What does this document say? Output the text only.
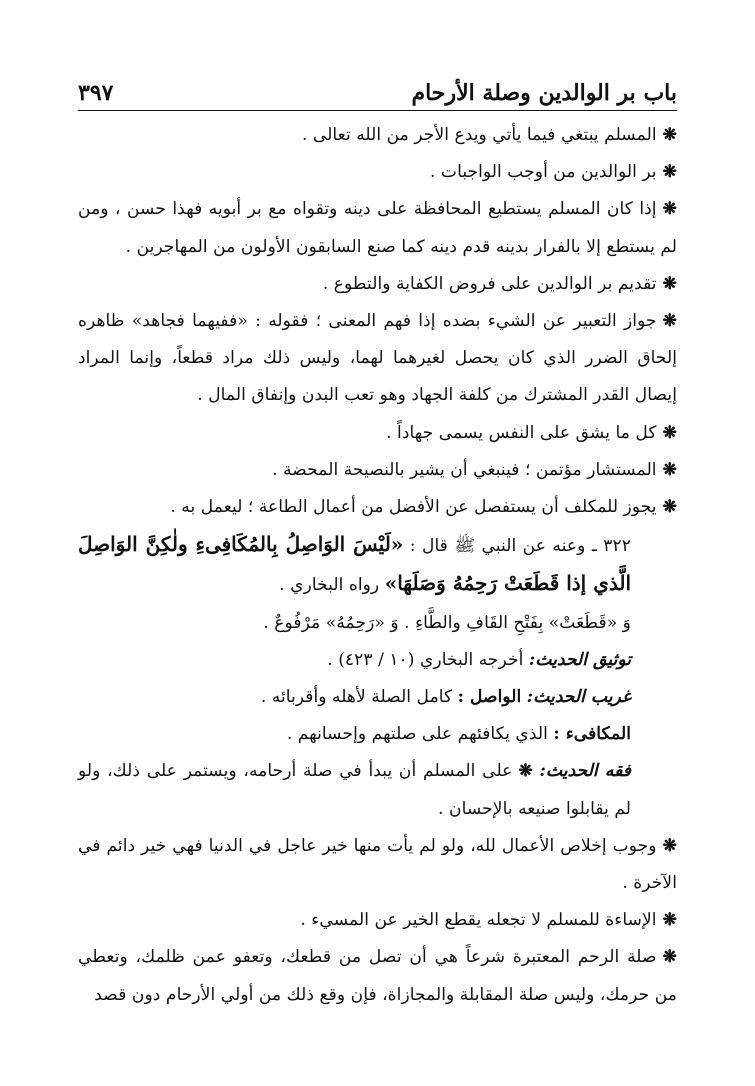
باب بر الوالدين وصلة الأرحام
٣٩٧

❋المسلم يبتغي فيما يأتي ويدع الأجر من الله تعالى .

❋بر الوالدين من أوجب الواجبات .

❋إذا كان المسلم يستطيع المحافظة على دينه وتقواه مع بر أبويه فهذا حسن ، ومن لم يستطع إلا بالفرار بدينه قدم دينه كما صنع السابقون الأولون من المهاجرين .

❋تقديم بر الوالدين على فروض الكفاية والتطوع .

❋جواز التعبير عن الشيء بضده إذا فهم المعنى ؛ فقوله : «ففيهما فجاهد» ظاهره إلحاق الضرر الذي كان يحصل لغيرهما لهما، وليس ذلك مراد قطعاً، وإنما المراد إيصال القدر المشترك من كلفة الجهاد وهو تعب البدن وإنفاق المال .

❋كل ما يشق على النفس يسمى جهاداً .

❋المستشار مؤتمن ؛ فينبغي أن يشير بالنصيحة المحضة .

❋يجوز للمكلف أن يستفصل عن الأفضل من أعمال الطاعة ؛ ليعمل به .

٣٢٢ ـ وعنه عن النبي ﷺ قال : «لَيْسَ الوَاصِلُ بِالمُكَافِىءِ ولٰكِنَّ الوَاصِلَ الَّذي إذا قَطَعَتْ رَحِمُهُ وَصَلَهَا» رواه البخاري .

وَ «قَطَعَتْ» بِفَتْحِ القَافِ والطَّاءِ . وَ «رَحِمُهُ» مَرْفُوعٌ .

توثيق الحديث: أخرجه البخاري (١٠ / ٤٢٣) .

غريب الحديث: الواصل : كامل الصلة لأهله وأقربائه .

المكافىء : الذي يكافئهم على صلتهم وإحسانهم .

فقه الحديث: ❋على المسلم أن يبدأ في صلة أرحامه، ويستمر على ذلك، ولو لم يقابلوا صنيعه بالإحسان .

❋وجوب إخلاص الأعمال لله، ولو لم يأت منها خير عاجل في الدنيا فهي خير دائم في الآخرة .

❋الإساءة للمسلم لا تجعله يقطع الخير عن المسيء .

❋صلة الرحم المعتبرة شرعاً هي أن تصل من قطعك، وتعفو عمن ظلمك، وتعطي من حرمك، وليس صلة المقابلة والمجازاة، فإن وقع ذلك من أولي الأرحام دون قصد
